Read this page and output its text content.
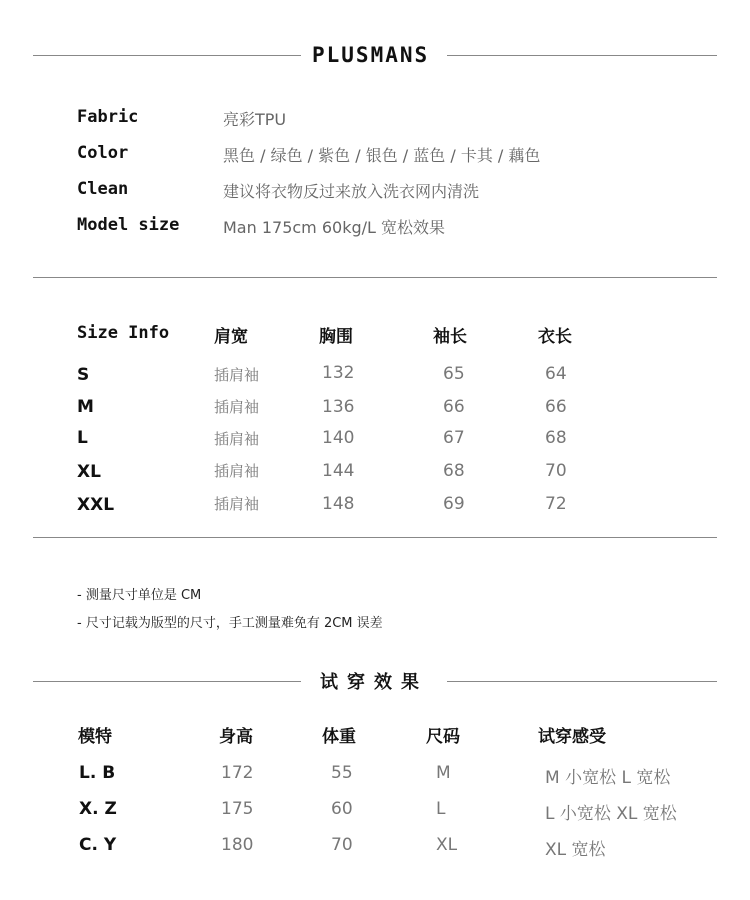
PLUSMANS
Fabric	亮彩TPU
Color	黑色 / 绿色 / 紫色 / 银色 / 蓝色 / 卡其 / 藕色
Clean	建议将衣物反过来放入洗衣网内清洗
Model size	Man 175cm 60kg/L 宽松效果
Size Info	肩宽	胸围	袖长	衣长
S	插肩袖	132	65	64
M	插肩袖	136	66	66
L	插肩袖	140	67	68
XL	插肩袖	144	68	70
XXL	插肩袖	148	69	72
- 测量尺寸单位是 CM
- 尺寸记载为版型的尺寸，手工测量难免有 2CM 误差
试穿效果
模特	身高	体重	尺码	试穿感受
L. B	172	55	M	M 小宽松 L 宽松
X. Z	175	60	L	L 小宽松 XL 宽松
C. Y	180	70	XL	XL 宽松
